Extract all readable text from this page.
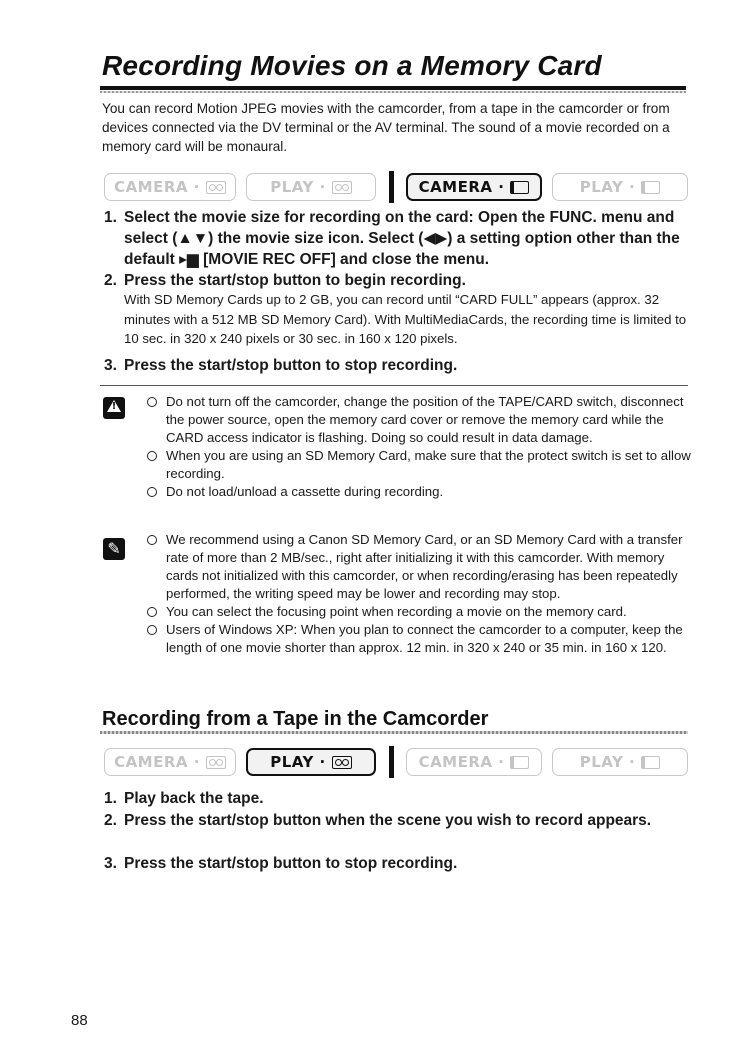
Recording Movies on a Memory Card

You can record Motion JPEG movies with the camcorder, from a tape in the camcorder or from devices connected via the DV terminal or the AV terminal. The sound of a movie recorded on a memory card will be monaural.

CAMERA ·	PLAY ·	CAMERA ·	PLAY ·

1. Select the movie size for recording on the card: Open the FUNC. menu and select (▲▼) the movie size icon. Select (◀▶) a setting option other than the default ▸▆ [MOVIE REC OFF] and close the menu.

2. Press the start/stop button to begin recording.

With SD Memory Cards up to 2 GB, you can record until “CARD FULL” appears (approx. 32 minutes with a 512 MB SD Memory Card). With MultiMediaCards, the recording time is limited to 10 sec. in 320 x 240 pixels or 30 sec. in 160 x 120 pixels.

3. Press the start/stop button to stop recording.

!
Do not turn off the camcorder, change the position of the TAPE/CARD switch, disconnect the power source, open the memory card cover or remove the memory card while the CARD access indicator is flashing. Doing so could result in data damage.
When you are using an SD Memory Card, make sure that the protect switch is set to allow recording.
Do not load/unload a cassette during recording.
✎
We recommend using a Canon SD Memory Card, or an SD Memory Card with a transfer rate of more than 2 MB/sec., right after initializing it with this camcorder. With memory cards not initialized with this camcorder, or when recording/erasing has been repeatedly performed, the writing speed may be lower and recording may stop.
You can select the focusing point when recording a movie on the memory card.
Users of Windows XP: When you plan to connect the camcorder to a computer, keep the length of one movie shorter than approx. 12 min. in 320 x 240 or 35 min. in 160 x 120.
Recording from a Tape in the Camcorder
CAMERA ·	PLAY ·	CAMERA ·	PLAY ·

1. Play back the tape.

2. Press the start/stop button when the scene you wish to record appears.

3. Press the start/stop button to stop recording.

88
